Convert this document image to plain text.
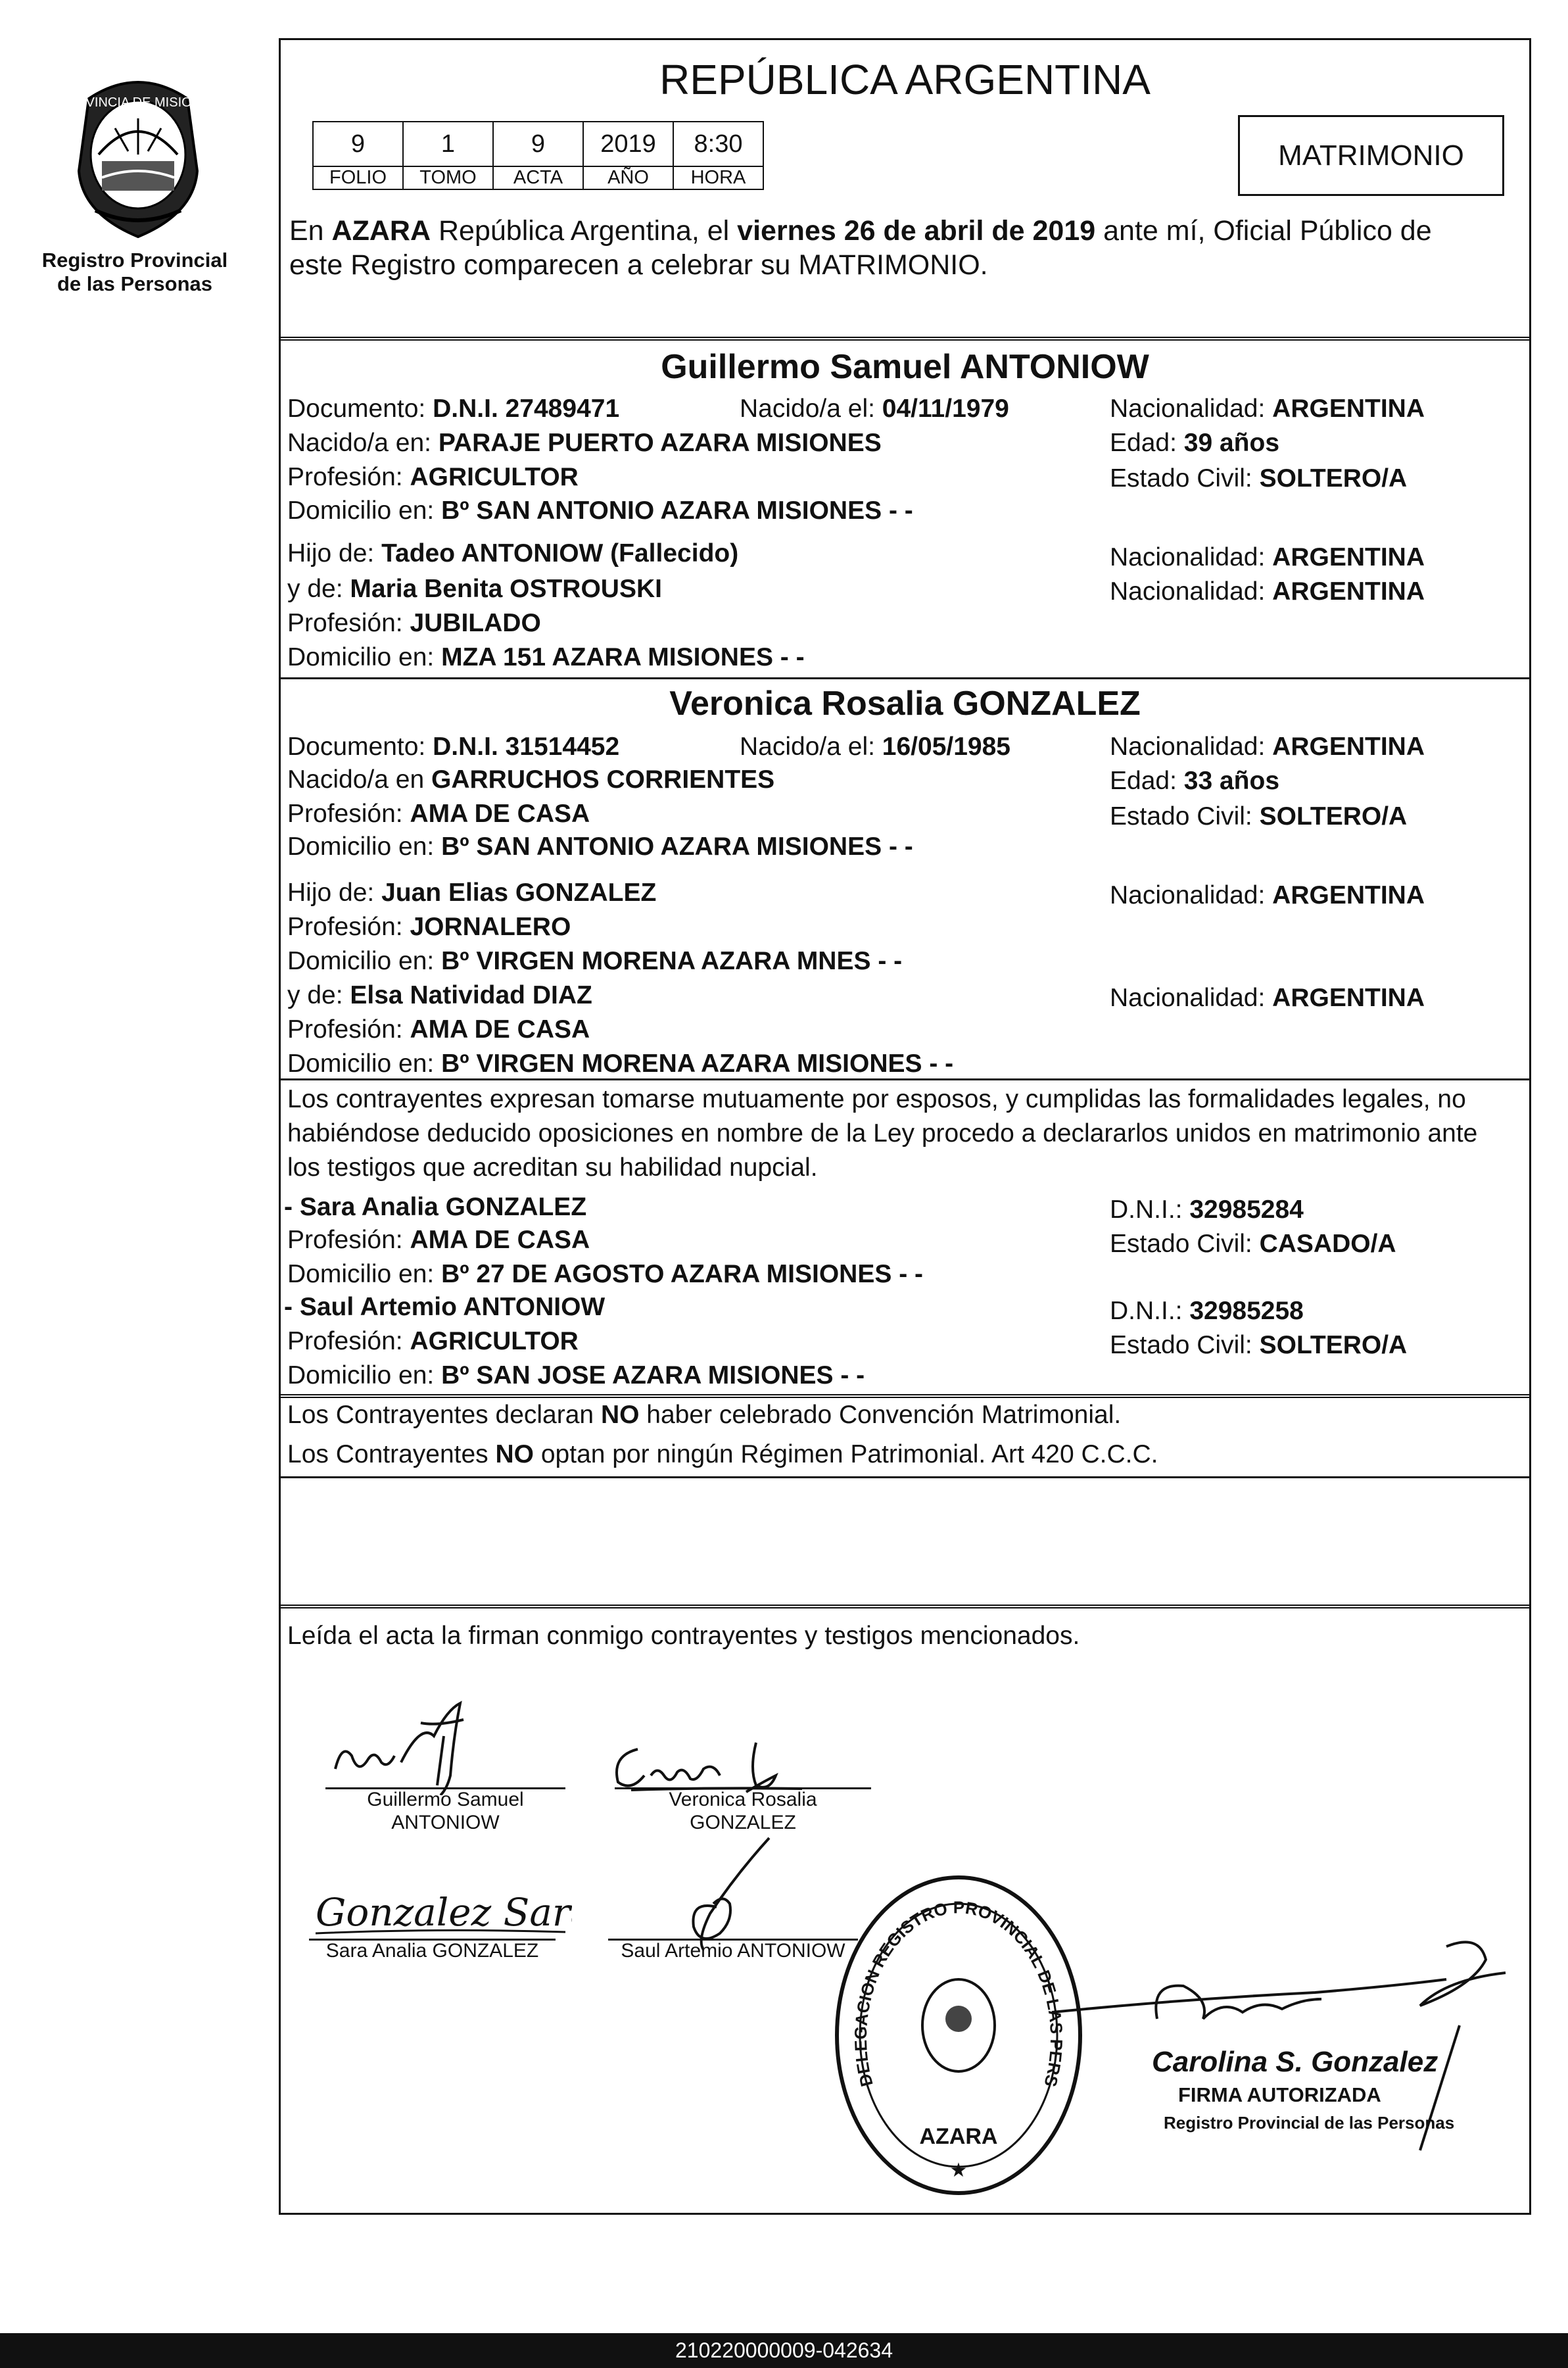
PROVINCIA DE MISIONES
Registro Provincial
de las Personas
REPÚBLICA ARGENTINA
9	1	9	2019	8:30
FOLIO	TOMO	ACTA	AÑO	HORA
MATRIMONIO
En AZARA República Argentina, el viernes 26 de abril de 2019 ante mí, Oficial Público de
este Registro comparecen a celebrar su MATRIMONIO.
Guillermo Samuel ANTONIOW
Documento: D.N.I. 27489471	Nacido/a el: 04/11/1979	Nacionalidad: ARGENTINA
Nacido/a en: PARAJE PUERTO AZARA MISIONES	Edad: 39 años
Profesión: AGRICULTOR	Estado Civil: SOLTERO/A
Domicilio en: Bº SAN ANTONIO AZARA MISIONES - -
Hijo de: Tadeo ANTONIOW (Fallecido)	Nacionalidad: ARGENTINA
y de: Maria Benita OSTROUSKI	Nacionalidad: ARGENTINA
Profesión: JUBILADO
Domicilio en: MZA 151 AZARA MISIONES - -
Veronica Rosalia GONZALEZ
Documento: D.N.I. 31514452	Nacido/a el: 16/05/1985	Nacionalidad: ARGENTINA
Nacido/a en GARRUCHOS CORRIENTES	Edad: 33 años
Profesión: AMA DE CASA	Estado Civil: SOLTERO/A
Domicilio en: Bº SAN ANTONIO AZARA MISIONES - -
Hijo de: Juan Elias GONZALEZ	Nacionalidad: ARGENTINA
Profesión: JORNALERO
Domicilio en: Bº VIRGEN MORENA AZARA MNES - -
y de: Elsa Natividad DIAZ	Nacionalidad: ARGENTINA
Profesión: AMA DE CASA
Domicilio en: Bº VIRGEN MORENA AZARA MISIONES - -
Los contrayentes expresan tomarse mutuamente por esposos, y cumplidas las formalidades legales, no
habiéndose deducido oposiciones en nombre de la Ley procedo a declararlos unidos en matrimonio ante
los testigos que acreditan su habilidad nupcial.
- Sara Analia GONZALEZ	D.N.I.: 32985284
Profesión: AMA DE CASA	Estado Civil: CASADO/A
Domicilio en: Bº 27 DE AGOSTO AZARA MISIONES - -
- Saul Artemio ANTONIOW	D.N.I.: 32985258
Profesión: AGRICULTOR	Estado Civil: SOLTERO/A
Domicilio en: Bº SAN JOSE AZARA MISIONES - -
Los Contrayentes declaran NO haber celebrado Convención Matrimonial.
Los Contrayentes NO optan por ningún Régimen Patrimonial. Art 420 C.C.C.
Leída el acta la firman conmigo contrayentes y testigos mencionados.
Guillermo Samuel
ANTONIOW
Veronica Rosalia
GONZALEZ
Gonzalez Sara
Sara Analia GONZALEZ	Saul Artemio ANTONIOW
DELEGACION REGISTRO PROVINCIAL DE LAS PERS
AZARA
★
Carolina S. Gonzalez
FIRMA AUTORIZADA
Registro Provincial de las Personas
210220000009-042634
